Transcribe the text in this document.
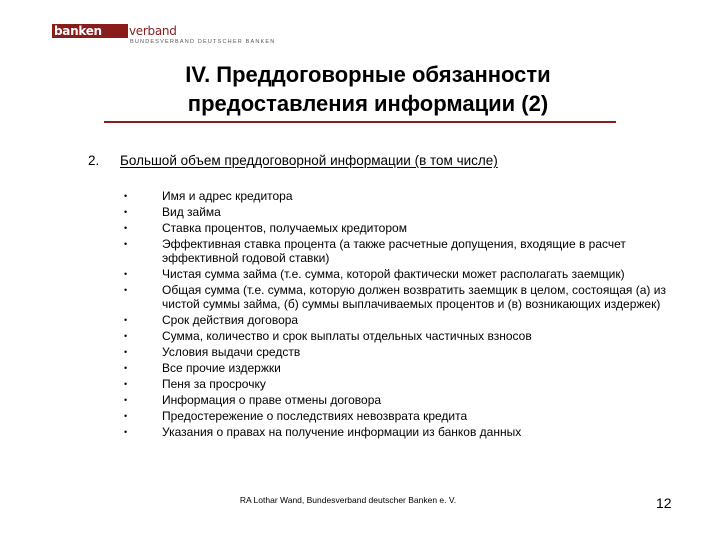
banken	verband
BUNDESVERBAND DEUTSCHER BANKEN
IV. Преддоговорные обязанности
предоставления информации (2)
2. Большой объем преддоговорной информации (в том числе)
•	Имя и адрес кредитора
•	Вид займа
•	Ставка процентов, получаемых кредитором
•	Эффективная ставка процента (а также расчетные допущения, входящие в расчет эффективной годовой ставки)
•	Чистая сумма займа (т.е. сумма, которой фактически может располагать заемщик)
•	Общая сумма (т.е. сумма, которую должен возвратить заемщик в целом, состоящая (а) из чистой суммы займа, (б) суммы выплачиваемых процентов и (в) возникающих издержек)
•	Срок действия договора
•	Сумма, количество и срок выплаты отдельных частичных взносов
•	Условия выдачи средств
•	Все прочие издержки
•	Пеня за просрочку
•	Информация о праве отмены договора
•	Предостережение о последствиях невозврата кредита
•	Указания о правах на получение информации из банков данных
RA Lothar Wand, Bundesverband deutscher Banken e. V.	12
